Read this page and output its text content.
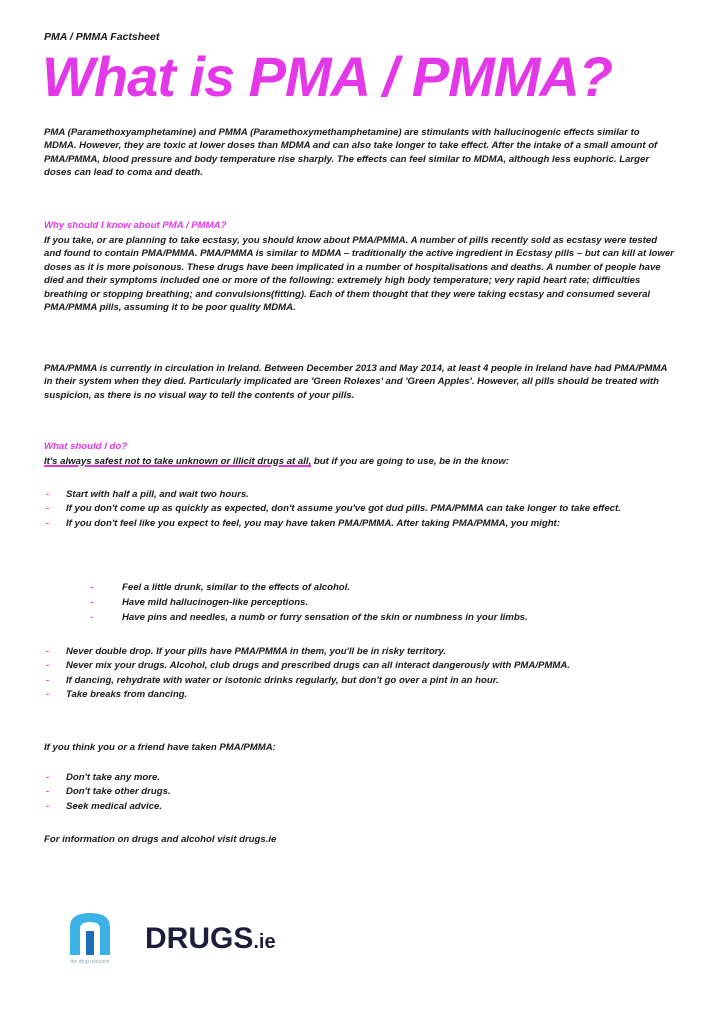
PMA / PMMA Factsheet
What is PMA / PMMA?
PMA (Paramethoxyamphetamine) and PMMA (Paramethoxymethamphetamine) are stimulants with hallucinogenic effects similar to MDMA. However, they are toxic at lower doses than MDMA and can also take longer to take effect. After the intake of a small amount of PMA/PMMA, blood pressure and body temperature rise sharply. The effects can feel similar to MDMA, although less euphoric. Larger doses can lead to coma and death.
Why should I know about PMA / PMMA?
If you take, or are planning to take ecstasy, you should know about PMA/PMMA. A number of pills recently sold as ecstasy were tested and found to contain PMA/PMMA. PMA/PMMA is similar to MDMA – traditionally the active ingredient in Ecstasy pills – but can kill at lower doses as it is more poisonous. These drugs have been implicated in a number of hospitalisations and deaths. A number of people have died and their symptoms included one or more of the following: extremely high body temperature; very rapid heart rate; difficulties breathing or stopping breathing; and convulsions(fitting). Each of them thought that they were taking ecstasy and consumed several PMA/PMMA pills, assuming it to be poor quality MDMA.
PMA/PMMA is currently in circulation in Ireland. Between December 2013 and May 2014, at least 4 people in Ireland have had PMA/PMMA in their system when they died. Particularly implicated are 'Green Rolexes' and 'Green Apples'. However, all pills should be treated with suspicion, as there is no visual way to tell the contents of your pills.
What should I do?
It's always safest not to take unknown or illicit drugs at all, but if you are going to use, be in the know:
- Start with half a pill, and wait two hours.
- If you don't come up as quickly as expected, don't assume you've got dud pills. PMA/PMMA can take longer to take effect.
- If you don't feel like you expect to feel, you may have taken PMA/PMMA. After taking PMA/PMMA, you might:
- Feel a little drunk, similar to the effects of alcohol.
- Have mild hallucinogen-like perceptions.
- Have pins and needles, a numb or furry sensation of the skin or numbness in your limbs.
- Never double drop. If your pills have PMA/PMMA in them, you'll be in risky territory.
- Never mix your drugs. Alcohol, club drugs and prescribed drugs can all interact dangerously with PMA/PMMA.
- If dancing, rehydrate with water or isotonic drinks regularly, but don't go over a pint in an hour.
- Take breaks from dancing.
If you think you or a friend have taken PMA/PMMA:
- Don't take any more.
- Don't take other drugs.
- Seek medical advice.
For information on drugs and alcohol visit drugs.ie
the drug resource
DRUGS.ie
